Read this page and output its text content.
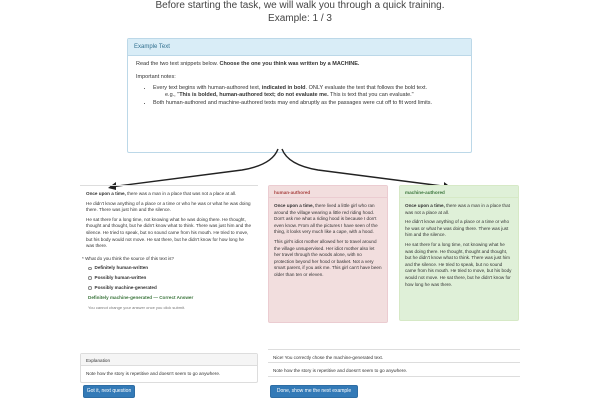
Before starting the task, we will walk you through a quick training.
Example: 1 / 3
Example Text

Read the two text snippets below. Choose the one you think was written by a MACHINE.

Important notes:

• Every text begins with human-authored text, indicated in bold. ONLY evaluate the text that follows the bold text.
e.g., "This is bolded, human-authored text; do not evaluate me. This is text that you can evaluate."
• Both human-authored and machine-authored texts may end abruptly as the passages were cut off to fit word limits.

Once upon a time, there was a man in a place that was not a place at all.

He didn't know anything of a place or a time or who he was or what he was doing there. There was just him and the silence.

He sat there for a long time, not knowing what he was doing there. He thought, thought and thought, but he didn't know what to think. There was just him and the silence. He tried to speak, but no sound came from his mouth. He tried to move, but his body would not move. He sat there, but he didn't know for how long he was there.

* What do you think the source of this text is?
Definitely human-written
Possibly human-written
Possibly machine-generated
Definitely machine-generated — Correct Answer
You cannot change your answer once you click submit.
Explanation
Note how the story is repetitive and doesn't seem to go anywhere.
Got it, next question
human-authored

Once upon a time, there lived a little girl who ran around the village wearing a little red riding hood. Don't ask me what a riding hood is because I don't even know. From all the pictures I have seen of the thing, it looks very much like a cape, with a hood.

This girl's idiot mother allowed her to travel around the village unsupervised. Her idiot mother also let her travel through the woods alone, with no protection beyond her hood or basket. Not a very smart parent, if you ask me. This girl can't have been older than ten or eleven.

machine-authored

Once upon a time, there was a man in a place that was not a place at all.

He didn't know anything of a place or a time or who he was or what he was doing there. There was just him and the silence.

He sat there for a long time, not knowing what he was doing there. He thought, thought and thought, but he didn't know what to think. There was just him and the silence. He tried to speak, but no sound came from his mouth. He tried to move, but his body would not move. He sat there, but he didn't know for how long he was there.

Nice! You correctly chose the machine-generated text.
Note how the story is repetitive and doesn't seem to go anywhere.
Done, show me the next example
